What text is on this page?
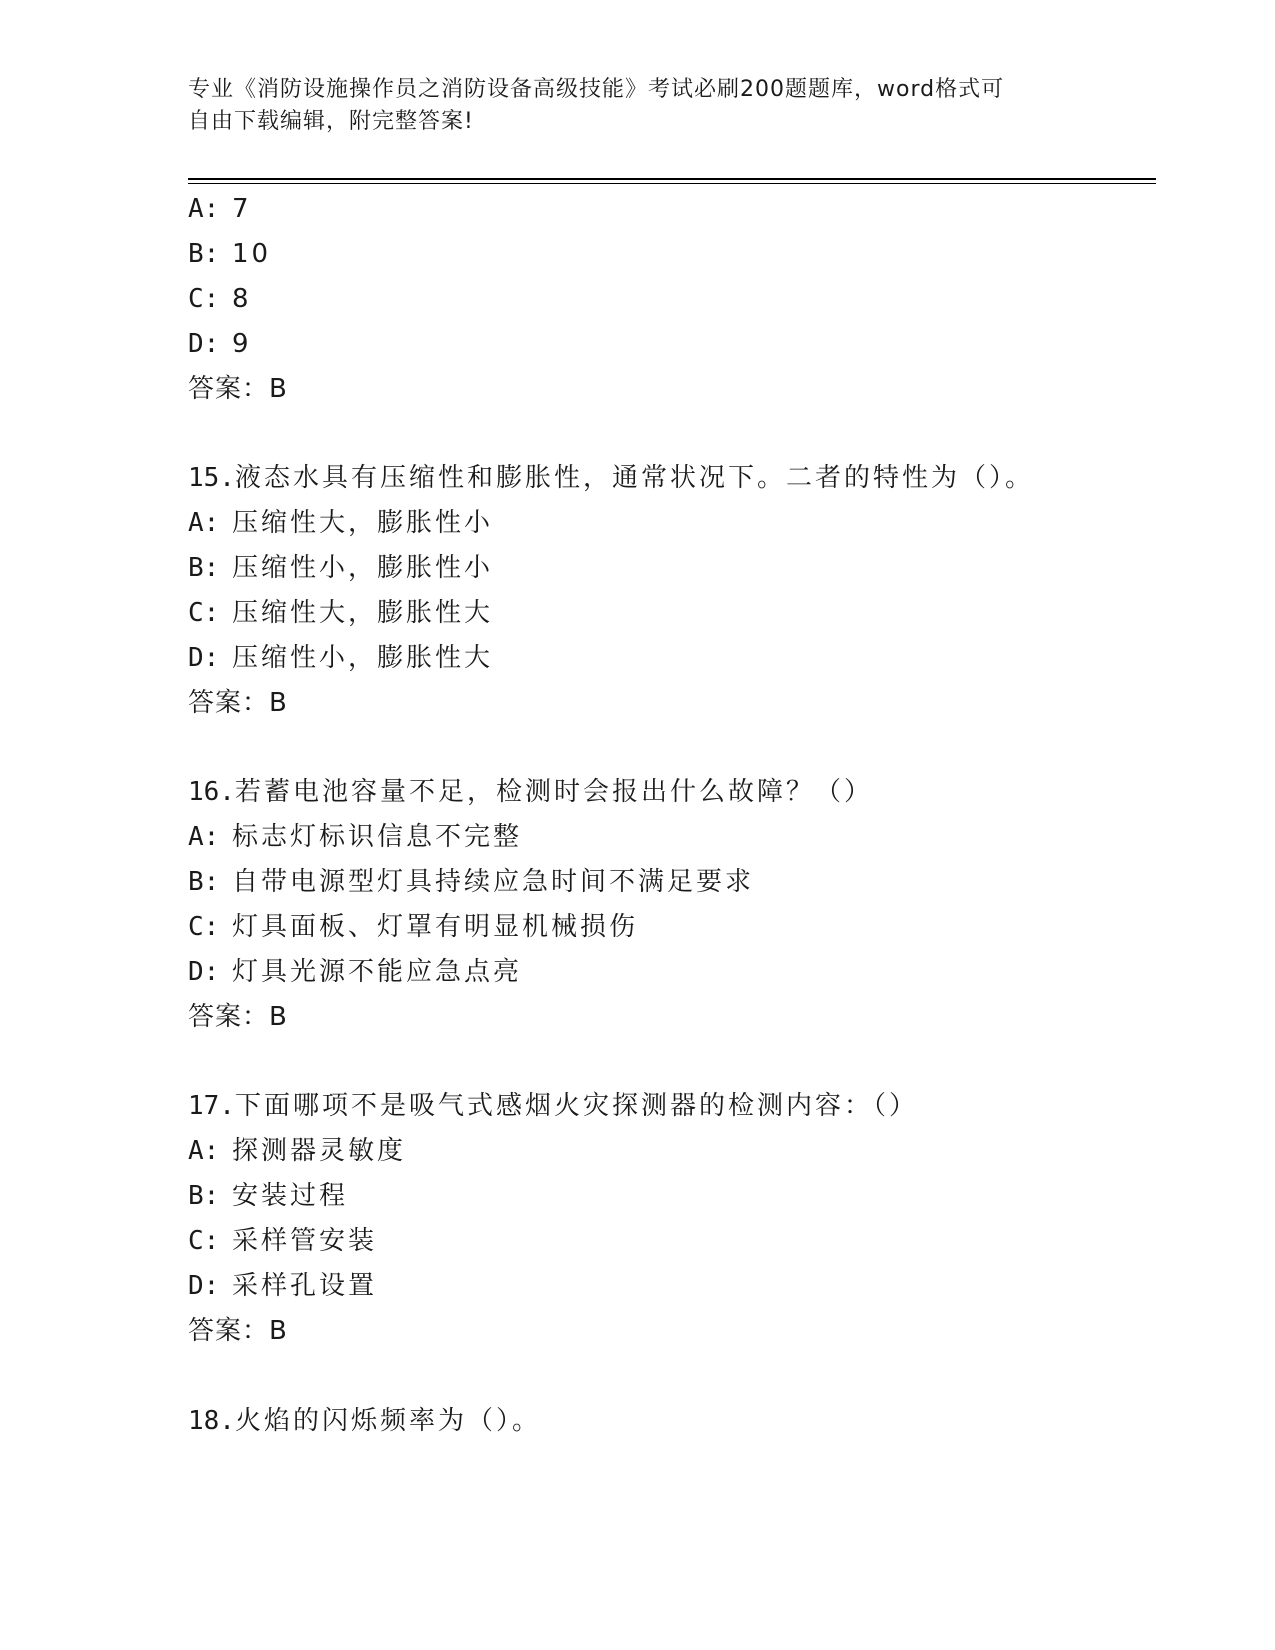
专业《消防设施操作员之消防设备高级技能》考试必刷200题题库，word格式可
自由下载编辑，附完整答案!
A: 7
B: 10
C: 8
D: 9
答案：B
15.液态水具有压缩性和膨胀性，通常状况下。二者的特性为（）。
A: 压缩性大，膨胀性小
B: 压缩性小，膨胀性小
C: 压缩性大，膨胀性大
D: 压缩性小，膨胀性大
答案：B
16.若蓄电池容量不足，检测时会报出什么故障？（）
A: 标志灯标识信息不完整
B: 自带电源型灯具持续应急时间不满足要求
C: 灯具面板、灯罩有明显机械损伤
D: 灯具光源不能应急点亮
答案：B
17.下面哪项不是吸气式感烟火灾探测器的检测内容：（）
A: 探测器灵敏度
B: 安装过程
C: 采样管安装
D: 采样孔设置
答案：B
18.火焰的闪烁频率为（）。
